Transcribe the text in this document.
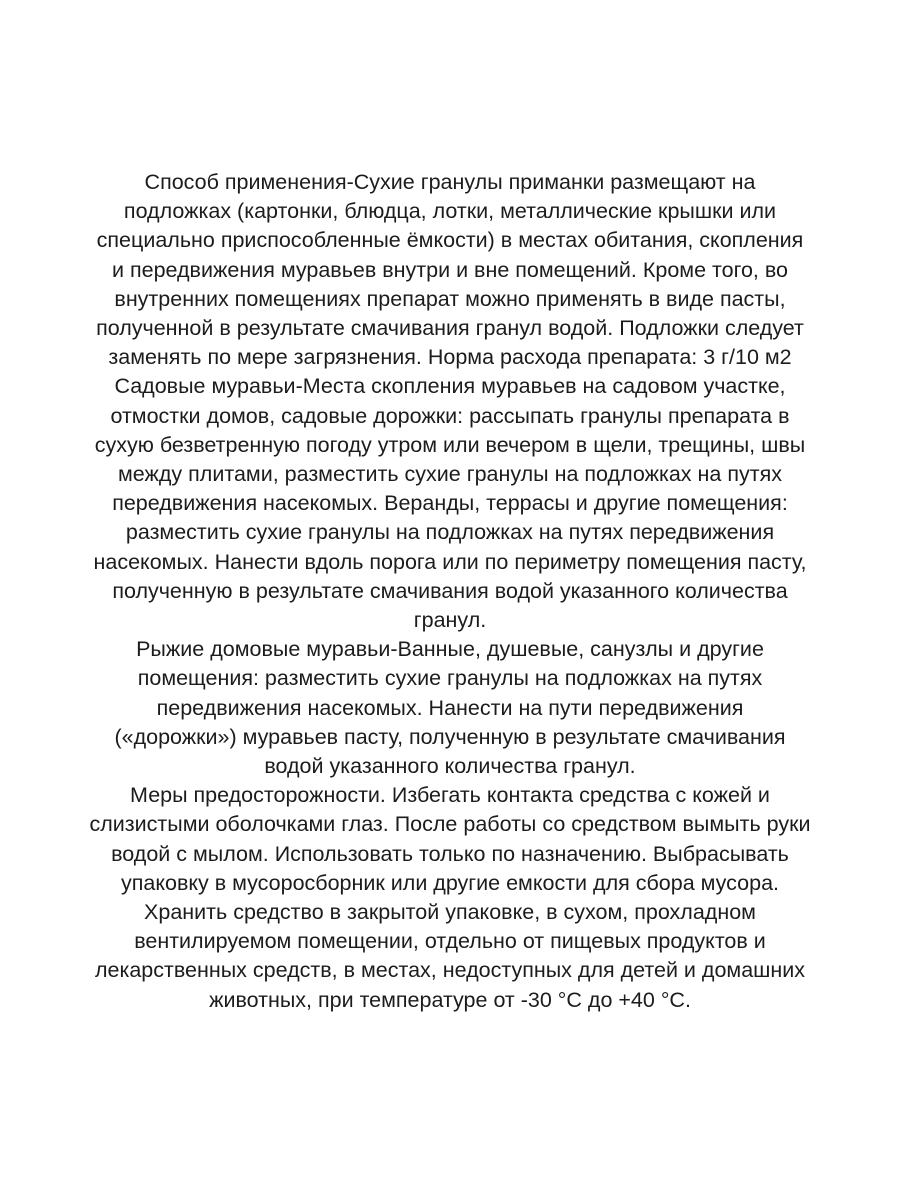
Способ применения-Сухие гранулы приманки размещают на
подложках (картонки, блюдца, лотки, металлические крышки или
специально приспособленные ёмкости) в местах обитания, скопления
и передвижения муравьев внутри и вне помещений. Кроме того, во
внутренних помещениях препарат можно применять в виде пасты,
полученной в результате смачивания гранул водой. Подложки следует
заменять по мере загрязнения. Норма расхода препарата: 3 г/10 м2
Садовые муравьи-Места скопления муравьев на садовом участке,
отмостки домов, садовые дорожки: рассыпать гранулы препарата в
сухую безветренную погоду утром или вечером в щели, трещины, швы
между плитами, разместить сухие гранулы на подложках на путях
передвижения насекомых. Веранды, террасы и другие помещения:
разместить сухие гранулы на подложках на путях передвижения
насекомых. Нанести вдоль порога или по периметру помещения пасту,
полученную в результате смачивания водой указанного количества
гранул.
Рыжие домовые муравьи-Ванные, душевые, санузлы и другие
помещения: разместить сухие гранулы на подложках на путях
передвижения насекомых. Нанести на пути передвижения
(«дорожки») муравьев пасту, полученную в результате смачивания
водой указанного количества гранул.
Меры предосторожности. Избегать контакта средства с кожей и
слизистыми оболочками глаз. После работы со средством вымыть руки
водой с мылом. Использовать только по назначению. Выбрасывать
упаковку в мусоросборник или другие емкости для сбора мусора.
Хранить средство в закрытой упаковке, в сухом, прохладном
вентилируемом помещении, отдельно от пищевых продуктов и
лекарственных средств, в местах, недоступных для детей и домашних
животных, при температуре от -30 °С до +40 °С.
